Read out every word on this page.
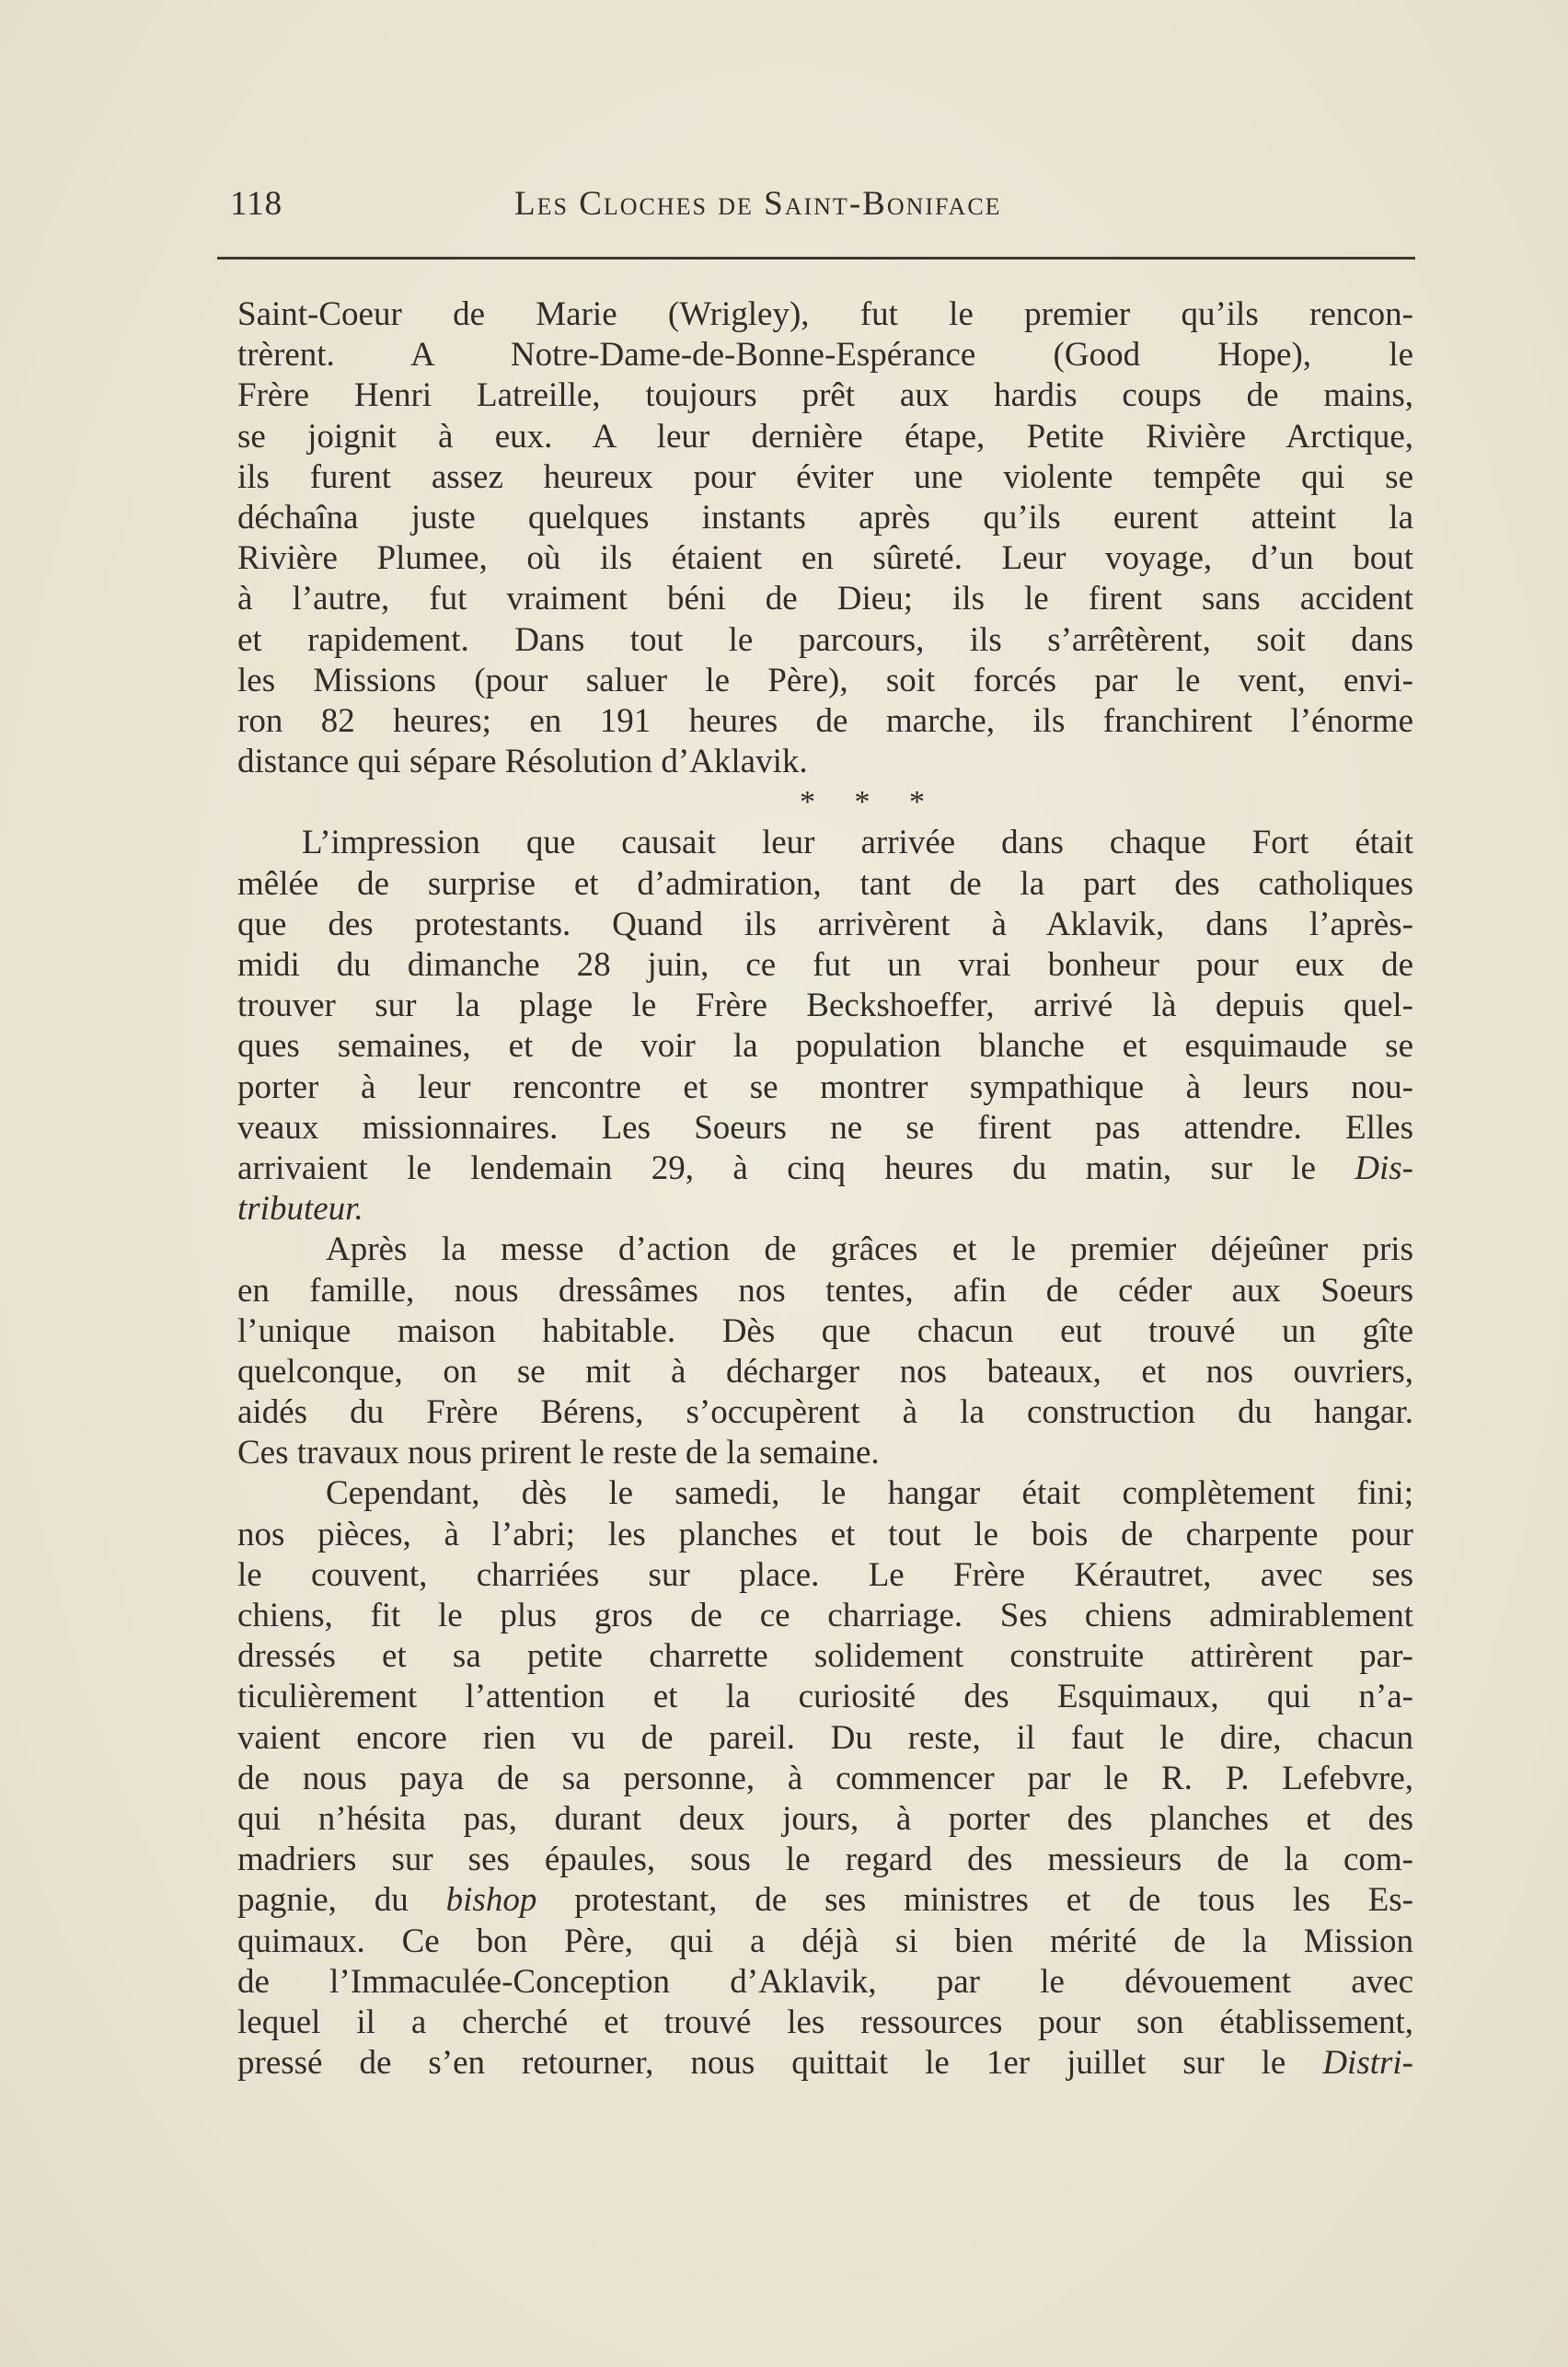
118	Les Cloches de Saint-Boniface
Saint-Coeur de Marie (Wrigley), fut le premier qu’ils rencon-
trèrent. A Notre-Dame-de-Bonne-Espérance (Good Hope), le
Frère Henri Latreille, toujours prêt aux hardis coups de mains,
se joignit à eux. A leur dernière étape, Petite Rivière Arctique,
ils furent assez heureux pour éviter une violente tempête qui se
déchaîna juste quelques instants après qu’ils eurent atteint la
Rivière Plumee, où ils étaient en sûreté. Leur voyage, d’un bout
à l’autre, fut vraiment béni de Dieu; ils le firent sans accident
et rapidement. Dans tout le parcours, ils s’arrêtèrent, soit dans
les Missions (pour saluer le Père), soit forcés par le vent, envi-
ron 82 heures; en 191 heures de marche, ils franchirent l’énorme
distance qui sépare Résolution d’Aklavik.
* * *
L’impression que causait leur arrivée dans chaque Fort était
mêlée de surprise et d’admiration, tant de la part des catholiques
que des protestants. Quand ils arrivèrent à Aklavik, dans l’après-
midi du dimanche 28 juin, ce fut un vrai bonheur pour eux de
trouver sur la plage le Frère Beckshoeffer, arrivé là depuis quel-
ques semaines, et de voir la population blanche et esquimaude se
porter à leur rencontre et se montrer sympathique à leurs nou-
veaux missionnaires. Les Soeurs ne se firent pas attendre. Elles
arrivaient le lendemain 29, à cinq heures du matin, sur le Dis-
tributeur.
Après la messe d’action de grâces et le premier déjeûner pris
en famille, nous dressâmes nos tentes, afin de céder aux Soeurs
l’unique maison habitable. Dès que chacun eut trouvé un gîte
quelconque, on se mit à décharger nos bateaux, et nos ouvriers,
aidés du Frère Bérens, s’occupèrent à la construction du hangar.
Ces travaux nous prirent le reste de la semaine.
Cependant, dès le samedi, le hangar était complètement fini;
nos pièces, à l’abri; les planches et tout le bois de charpente pour
le couvent, charriées sur place. Le Frère Kérautret, avec ses
chiens, fit le plus gros de ce charriage. Ses chiens admirablement
dressés et sa petite charrette solidement construite attirèrent par-
ticulièrement l’attention et la curiosité des Esquimaux, qui n’a-
vaient encore rien vu de pareil. Du reste, il faut le dire, chacun
de nous paya de sa personne, à commencer par le R. P. Lefebvre,
qui n’hésita pas, durant deux jours, à porter des planches et des
madriers sur ses épaules, sous le regard des messieurs de la com-
pagnie, du bishop protestant, de ses ministres et de tous les Es-
quimaux. Ce bon Père, qui a déjà si bien mérité de la Mission
de l’Immaculée-Conception d’Aklavik, par le dévouement avec
lequel il a cherché et trouvé les ressources pour son établissement,
pressé de s’en retourner, nous quittait le 1er juillet sur le Distri-
